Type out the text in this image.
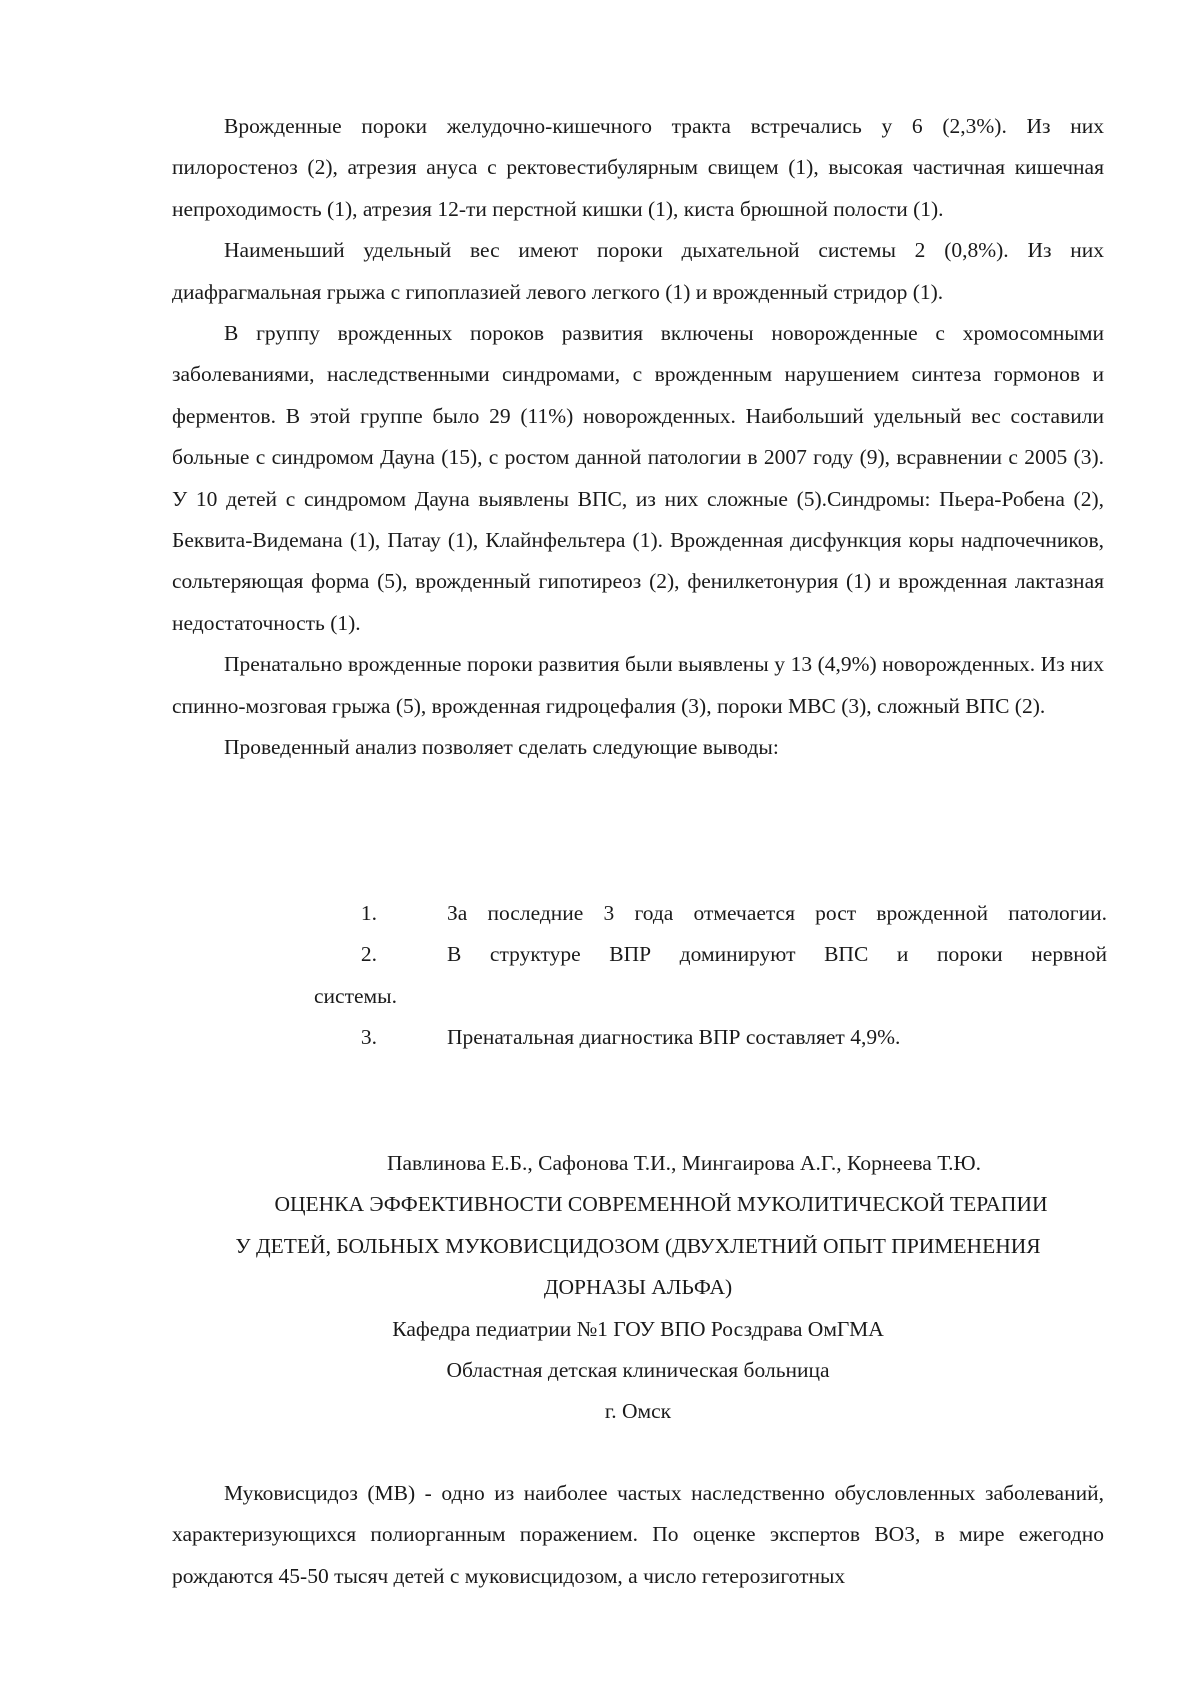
Врожденные пороки желудочно-кишечного тракта встречались у 6 (2,3%). Из них пилоростеноз (2), атрезия ануса с ректовестибулярным свищем (1), высокая частичная кишечная непроходимость (1), атрезия 12-ти перстной кишки (1), киста брюшной полости (1).

Наименьший удельный вес имеют пороки дыхательной системы 2 (0,8%). Из них диафрагмальная грыжа с гипоплазией левого легкого (1) и врожденный стридор (1).

В группу врожденных пороков развития включены новорожденные с хромосомными заболеваниями, наследственными синдромами, с врожденным нарушением синтеза гормонов и ферментов. В этой группе было 29 (11%) новорожденных. Наибольший удельный вес составили больные с синдромом Дауна (15), с ростом данной патологии в 2007 году (9), вcравнении с 2005 (3). У 10 детей с синдромом Дауна выявлены ВПС, из них сложные (5).Синдромы: Пьера-Робена (2), Беквита-Видемана (1), Патау (1), Клайнфельтера (1). Врожденная дисфункция коры надпочечников, сольтеряющая форма (5), врожденный гипотиреоз (2), фенилкетонурия (1) и врожденная лактазная недостаточность (1).

Пренатально врожденные пороки развития были выявлены у 13 (4,9%) новорожденных. Из них спинно-мозговая грыжа (5), врожденная гидроцефалия (3), пороки МВС (3), сложный ВПС (2).

Проведенный анализ позволяет сделать следующие выводы:

1.	За последние 3 года отмечается рост врожденной патологии.
2.	В структуре ВПР доминируют ВПС и пороки нервной
системы.
3.	Пренатальная диагностика ВПР составляет 4,9%.
Павлинова Е.Б., Сафонова Т.И., Мингаирова А.Г., Корнеева Т.Ю.
ОЦЕНКА ЭФФЕКТИВНОСТИ СОВРЕМЕННОЙ МУКОЛИТИЧЕСКОЙ ТЕРАПИИ
У ДЕТЕЙ, БОЛЬНЫХ МУКОВИСЦИДОЗОМ (ДВУХЛЕТНИЙ ОПЫТ ПРИМЕНЕНИЯ
ДОРНАЗЫ АЛЬФА)
Кафедра педиатрии №1 ГОУ ВПО Росздрава ОмГМА
Областная детская клиническая больница
г. Омск

Муковисцидоз (МВ) - одно из наиболее частых наследственно обусловленных заболеваний, характеризующихся полиорганным поражением. По оценке экспертов ВОЗ, в мире ежегодно рождаются 45-50 тысяч детей с муковисцидозом, а число гетерозиготных
